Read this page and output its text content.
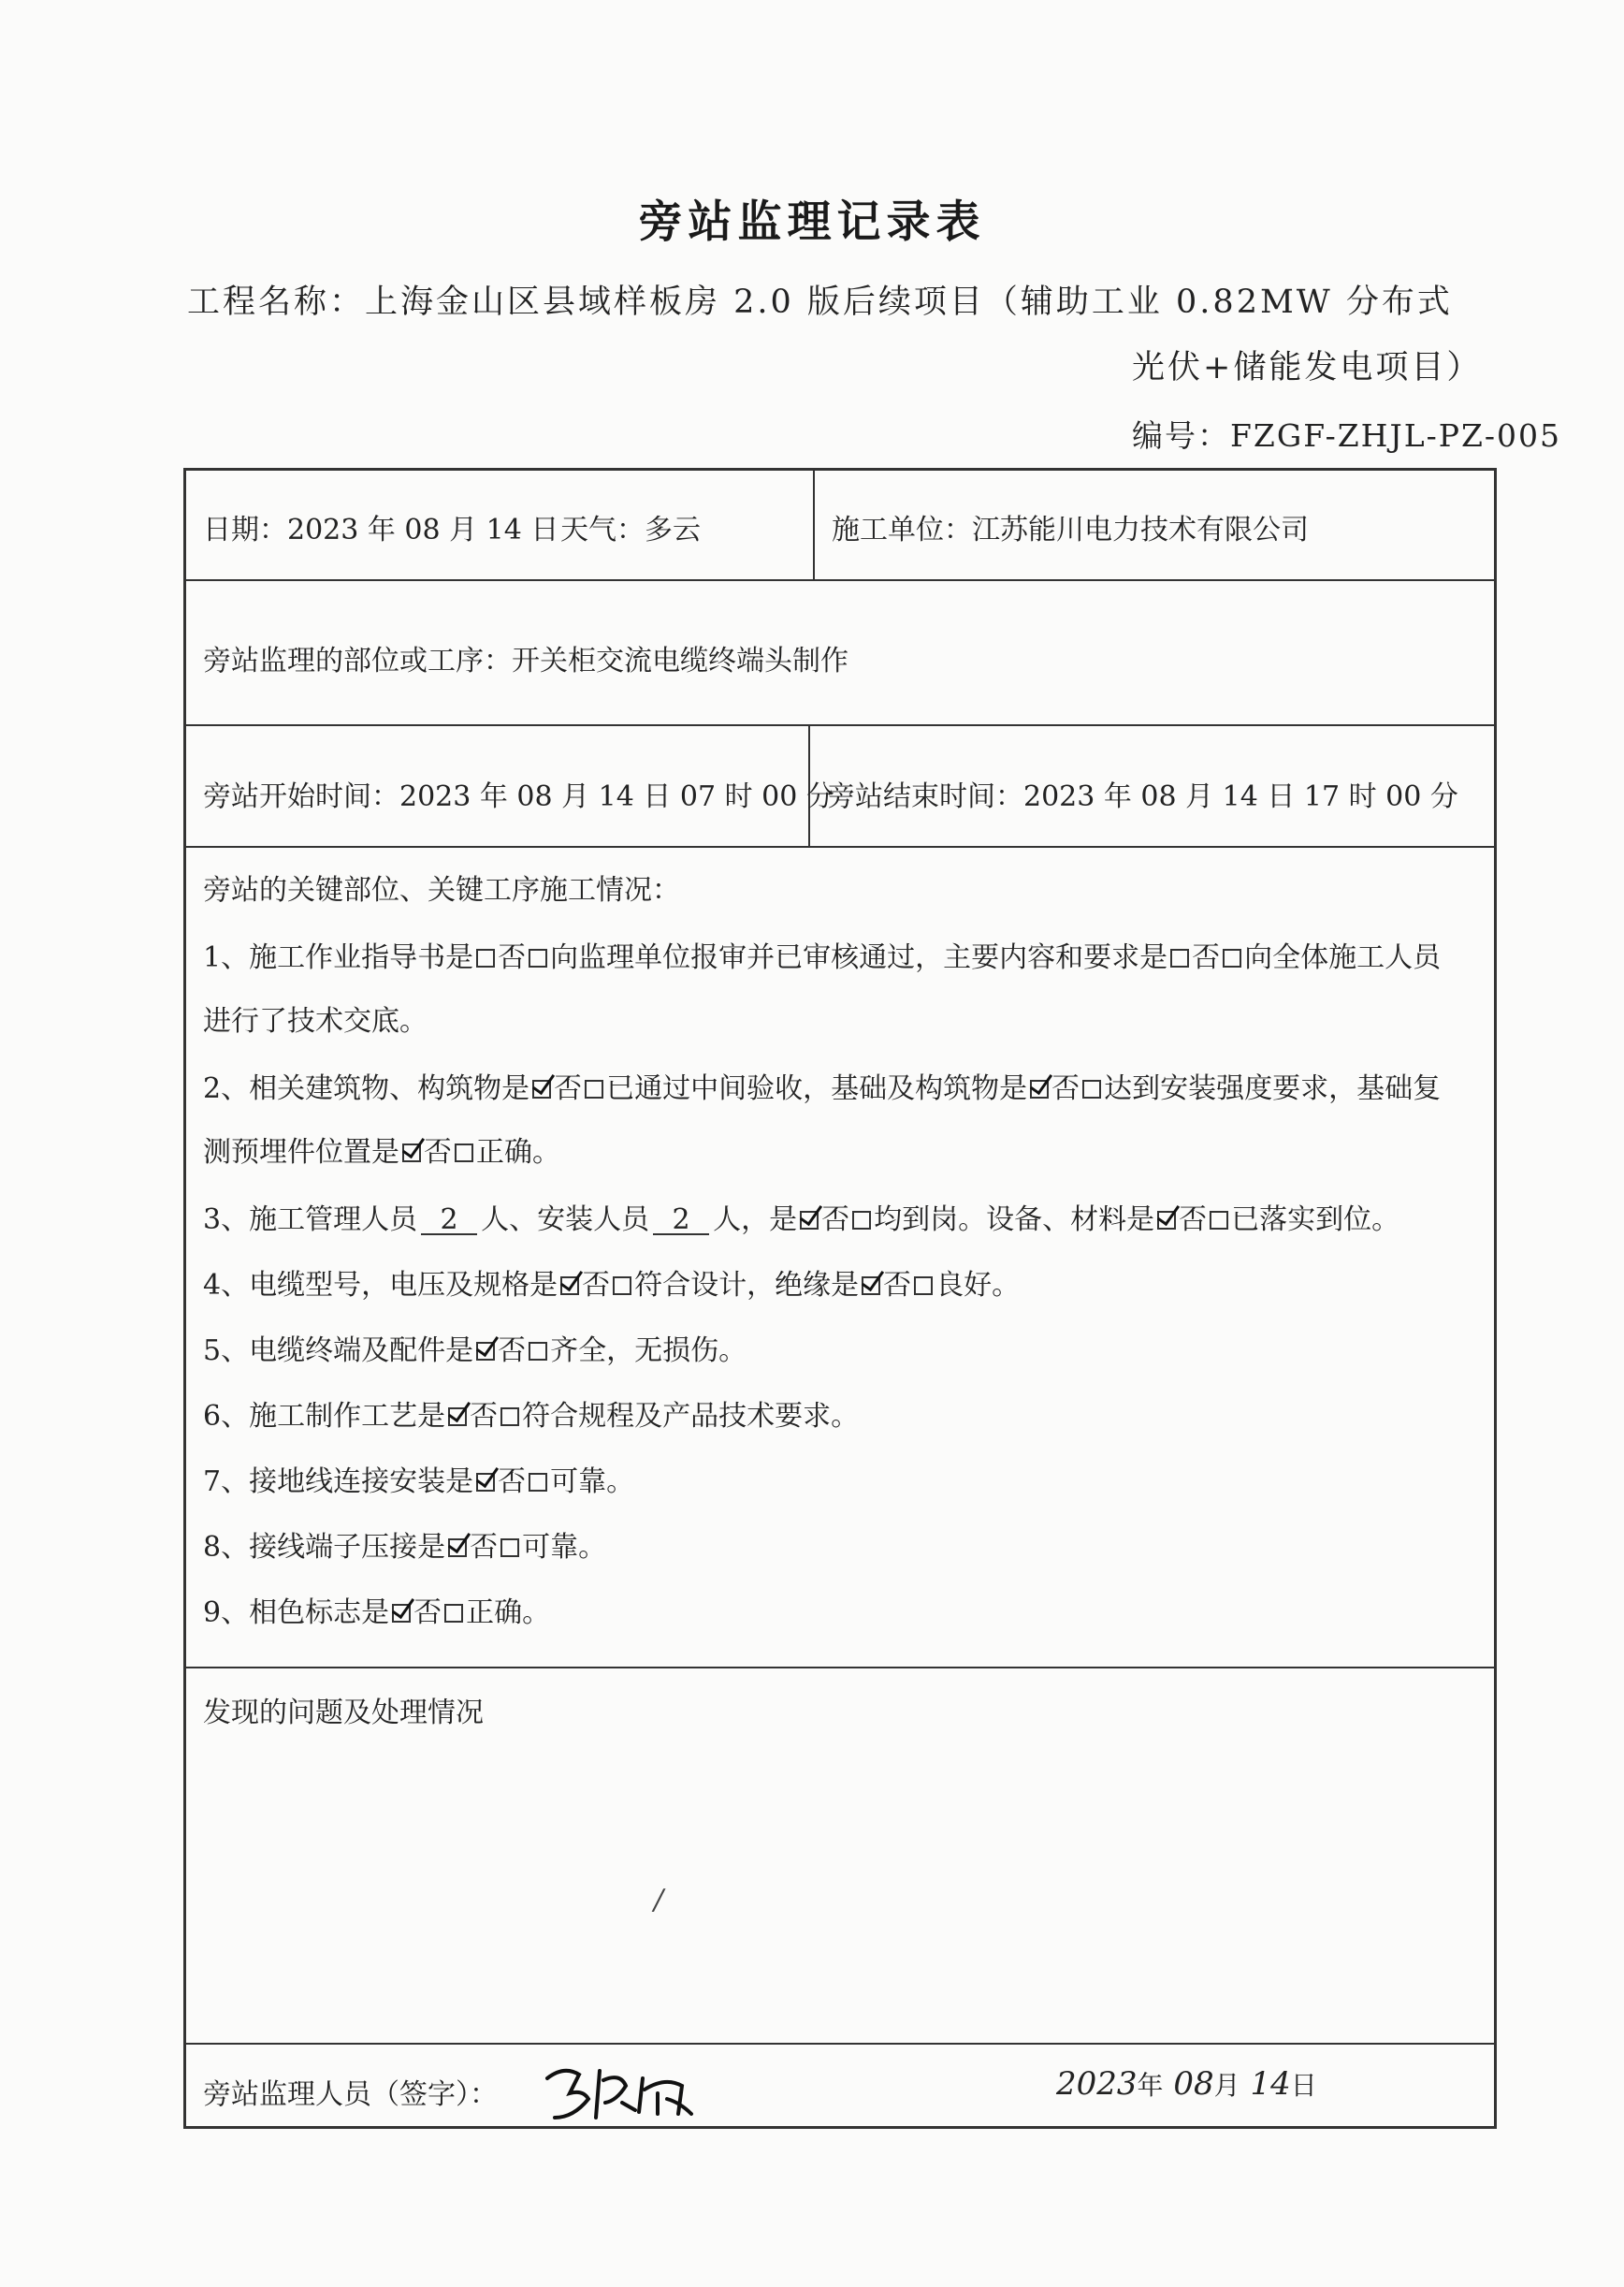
旁站监理记录表
工程名称：上海金山区县域样板房 2.0 版后续项目（辅助工业 0.82MW 分布式
光伏+储能发电项目）
编号：FZGF-ZHJL-PZ-005
日期：2023 年 08 月 14 日 天气：多云	施工单位：江苏能川电力技术有限公司
旁站监理的部位或工序：开关柜交流电缆终端头制作
旁站开始时间：2023 年 08 月 14 日 07 时 00 分
旁站结束时间：2023 年 08 月 14 日 17 时 00 分
旁站的关键部位、关键工序施工情况：
1、施工作业指导书是 否 向监理单位报审并已审核通过，主要内容和要求是 否 向全体施工人员
进行了技术交底。
2、相关建筑物、构筑物是 否 已通过中间验收，基础及构筑物是 否 达到安装强度要求，基础复
测预埋件位置是 否 正确。
3、施工管理人员 2 人、安装人员 2 人，是 否 均到岗。设备、材料是 否 已落实到位。
4、电缆型号，电压及规格是 否 符合设计，绝缘是 否 良好。
5、电缆终端及配件是 否 齐全，无损伤。
6、施工制作工艺是 否 符合规程及产品技术要求。
7、接地线连接安装是 否 可靠。
8、接线端子压接是 否 可靠。
9、相色标志是 否 正确。
发现的问题及处理情况
/
旁站监理人员（签字）：	2023年 08月 14日
